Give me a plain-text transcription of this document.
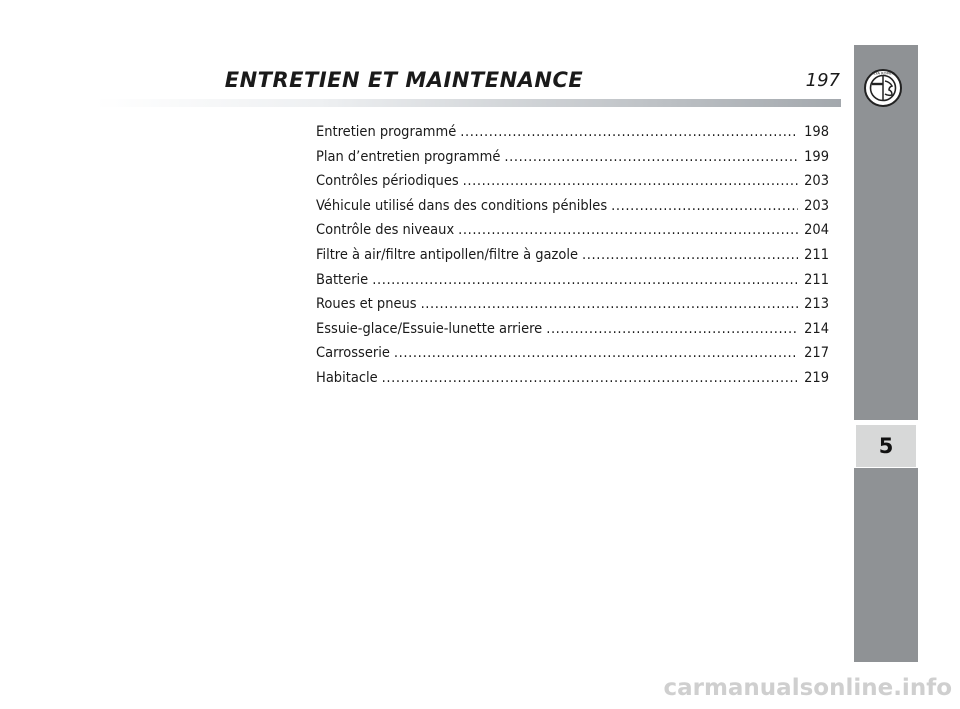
5
ALFA ROMEO
ENTRETIEN ET MAINTENANCE	197
Entretien programmé .....	198
Plan d’entretien programmé .....	199
Contrôles périodiques .....	203
Véhicule utilisé dans des conditions pénibles .....	203
Contrôle des niveaux .....	204
Filtre à air/filtre antipollen/filtre à gazole .....	211
Batterie .....	211
Roues et pneus .....	213
Essuie-glace/Essuie-lunette arriere .....	214
Carrosserie .....	217
Habitacle .....	219
carmanualsonline.info
